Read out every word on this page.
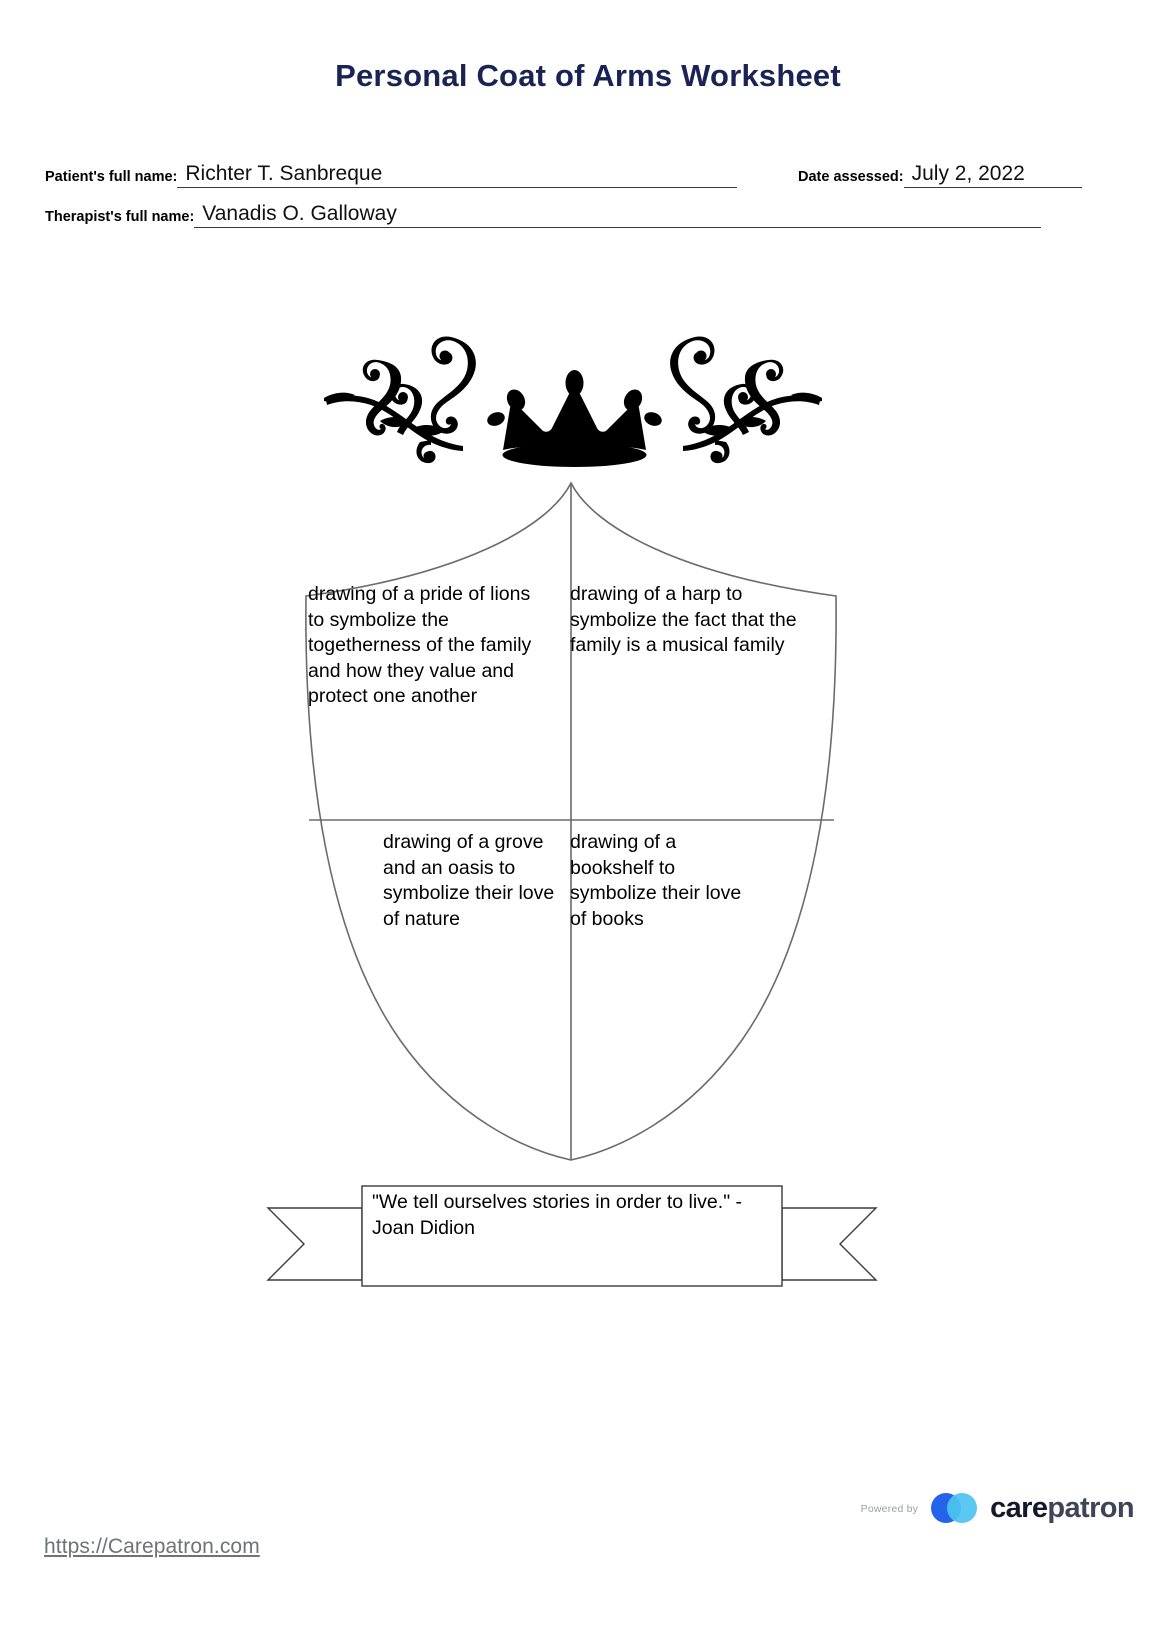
Personal Coat of Arms Worksheet
Patient's full name: Richter T. Sanbreque	Date assessed: July 2, 2022
Therapist's full name: Vanadis O. Galloway
drawing of a pride of lions to symbolize the togetherness of the family and how they value and protect one another
drawing of a harp to symbolize the fact that the family is a musical family
drawing of a grove and an oasis to symbolize their love of nature
drawing of a bookshelf to symbolize their love of books
"We tell ourselves stories in order to live." - Joan Didion
https://Carepatron.com
Powered by carepatron
